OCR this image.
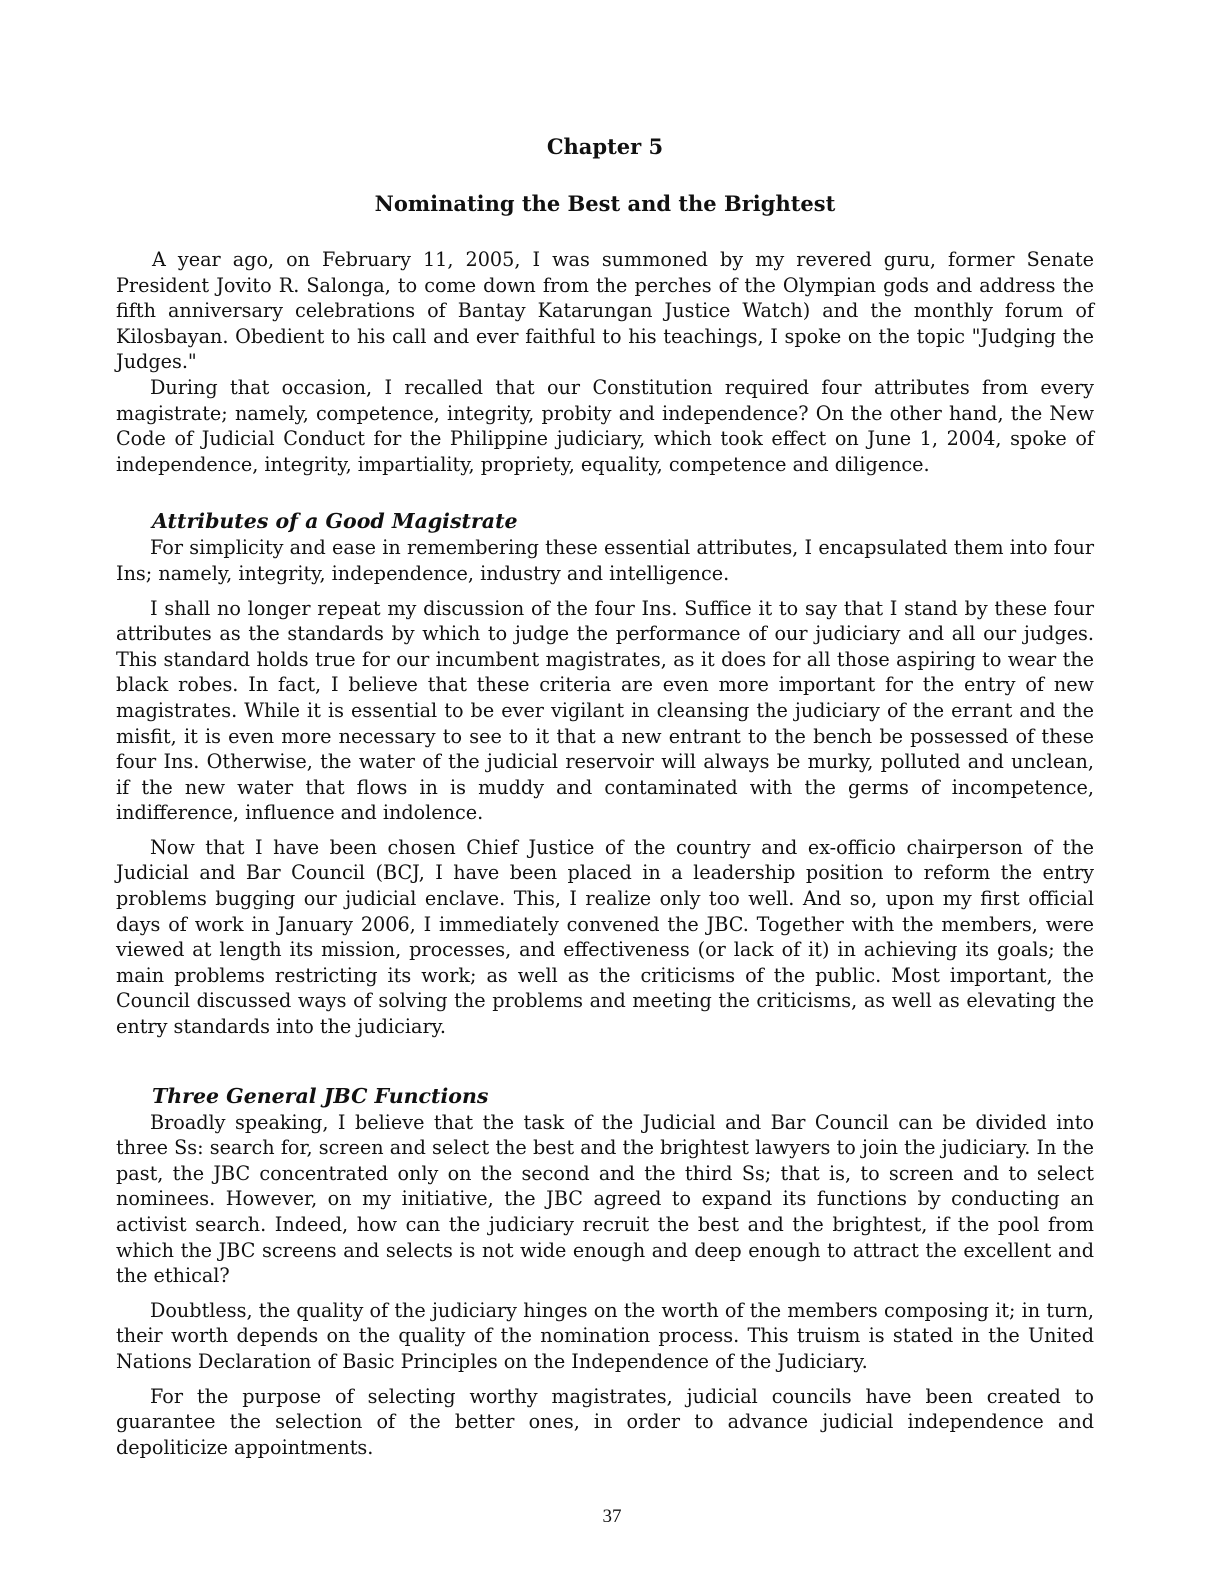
Chapter 5
Nominating the Best and the Brightest

A year ago, on February 11, 2005, I was summoned by my revered guru, former Senate President Jovito R. Salonga, to come down from the perches of the Olympian gods and address the fifth anniversary celebrations of Bantay Katarungan Justice Watch) and the monthly forum of Kilosbayan. Obedient to his call and ever faithful to his teachings, I spoke on the topic "Judging the Judges."

During that occasion, I recalled that our Constitution required four attributes from every magistrate; namely, competence, integrity, probity and independence? On the other hand, the New Code of Judicial Conduct for the Philippine judiciary, which took effect on June 1, 2004, spoke of independence, integrity, impartiality, propriety, equality, competence and diligence.

Attributes of a Good Magistrate

For simplicity and ease in remembering these essential attributes, I encapsulated them into four Ins; namely, integrity, independence, industry and intelligence.

I shall no longer repeat my discussion of the four Ins. Suffice it to say that I stand by these four attributes as the standards by which to judge the performance of our judiciary and all our judges. This standard holds true for our incumbent magistrates, as it does for all those aspiring to wear the black robes. In fact, I believe that these criteria are even more important for the entry of new magistrates. While it is essential to be ever vigilant in cleansing the judiciary of the errant and the misfit, it is even more necessary to see to it that a new entrant to the bench be possessed of these four Ins. Otherwise, the water of the judicial reservoir will always be murky, polluted and unclean, if the new water that flows in is muddy and contaminated with the germs of incompetence, indifference, influence and indolence.

Now that I have been chosen Chief Justice of the country and ex-officio chairperson of the Judicial and Bar Council (BCJ, I have been placed in a leadership position to reform the entry problems bugging our judicial enclave. This, I realize only too well. And so, upon my first official days of work in January 2006, I immediately convened the JBC. Together with the members, were viewed at length its mission, processes, and effectiveness (or lack of it) in achieving its goals; the main problems restricting its work; as well as the criticisms of the public. Most important, the Council discussed ways of solving the problems and meeting the criticisms, as well as elevating the entry standards into the judiciary.

Three General JBC Functions

Broadly speaking, I believe that the task of the Judicial and Bar Council can be divided into three Ss: search for, screen and select the best and the brightest lawyers to join the judiciary. In the past, the JBC concentrated only on the second and the third Ss; that is, to screen and to select nominees. However, on my initiative, the JBC agreed to expand its functions by conducting an activist search. Indeed, how can the judiciary recruit the best and the brightest, if the pool from which the JBC screens and selects is not wide enough and deep enough to attract the excellent and the ethical?

Doubtless, the quality of the judiciary hinges on the worth of the members composing it; in turn, their worth depends on the quality of the nomination process. This truism is stated in the United Nations Declaration of Basic Principles on the Independence of the Judiciary.

For the purpose of selecting worthy magistrates, judicial councils have been created to guarantee the selection of the better ones, in order to advance judicial independence and depoliticize appointments.

37
